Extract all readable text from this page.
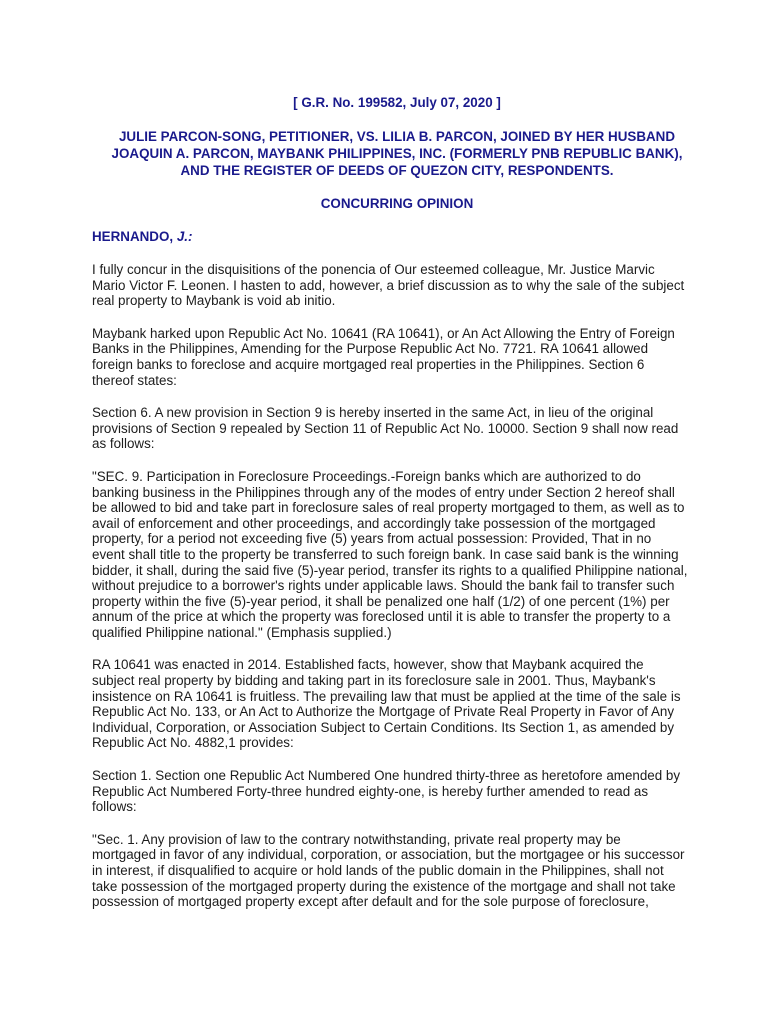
[ G.R. No. 199582, July 07, 2020 ]

JULIE PARCON-SONG, PETITIONER, VS. LILIA B. PARCON, JOINED BY HER HUSBAND
JOAQUIN A. PARCON, MAYBANK PHILIPPINES, INC. (FORMERLY PNB REPUBLIC BANK),
AND THE REGISTER OF DEEDS OF QUEZON CITY, RESPONDENTS.

CONCURRING OPINION

HERNANDO, J.:

I fully concur in the disquisitions of the ponencia of Our esteemed colleague, Mr. Justice Marvic
Mario Victor F. Leonen. I hasten to add, however, a brief discussion as to why the sale of the subject
real property to Maybank is void ab initio.

Maybank harked upon Republic Act No. 10641 (RA 10641), or An Act Allowing the Entry of Foreign
Banks in the Philippines, Amending for the Purpose Republic Act No. 7721. RA 10641 allowed
foreign banks to foreclose and acquire mortgaged real properties in the Philippines. Section 6
thereof states:

Section 6. A new provision in Section 9 is hereby inserted in the same Act, in lieu of the original
provisions of Section 9 repealed by Section 11 of Republic Act No. 10000. Section 9 shall now read
as follows:

"SEC. 9. Participation in Foreclosure Proceedings.-Foreign banks which are authorized to do
banking business in the Philippines through any of the modes of entry under Section 2 hereof shall
be allowed to bid and take part in foreclosure sales of real property mortgaged to them, as well as to
avail of enforcement and other proceedings, and accordingly take possession of the mortgaged
property, for a period not exceeding five (5) years from actual possession: Provided, That in no
event shall title to the property be transferred to such foreign bank. In case said bank is the winning
bidder, it shall, during the said five (5)-year period, transfer its rights to a qualified Philippine national,
without prejudice to a borrower's rights under applicable laws. Should the bank fail to transfer such
property within the five (5)-year period, it shall be penalized one half (1/2) of one percent (1%) per
annum of the price at which the property was foreclosed until it is able to transfer the property to a
qualified Philippine national." (Emphasis supplied.)

RA 10641 was enacted in 2014. Established facts, however, show that Maybank acquired the
subject real property by bidding and taking part in its foreclosure sale in 2001. Thus, Maybank's
insistence on RA 10641 is fruitless. The prevailing law that must be applied at the time of the sale is
Republic Act No. 133, or An Act to Authorize the Mortgage of Private Real Property in Favor of Any
Individual, Corporation, or Association Subject to Certain Conditions. Its Section 1, as amended by
Republic Act No. 4882,1 provides:

Section 1. Section one Republic Act Numbered One hundred thirty-three as heretofore amended by
Republic Act Numbered Forty-three hundred eighty-one, is hereby further amended to read as
follows:

"Sec. 1. Any provision of law to the contrary notwithstanding, private real property may be
mortgaged in favor of any individual, corporation, or association, but the mortgagee or his successor
in interest, if disqualified to acquire or hold lands of the public domain in the Philippines, shall not
take possession of the mortgaged property during the existence of the mortgage and shall not take
possession of mortgaged property except after default and for the sole purpose of foreclosure,
